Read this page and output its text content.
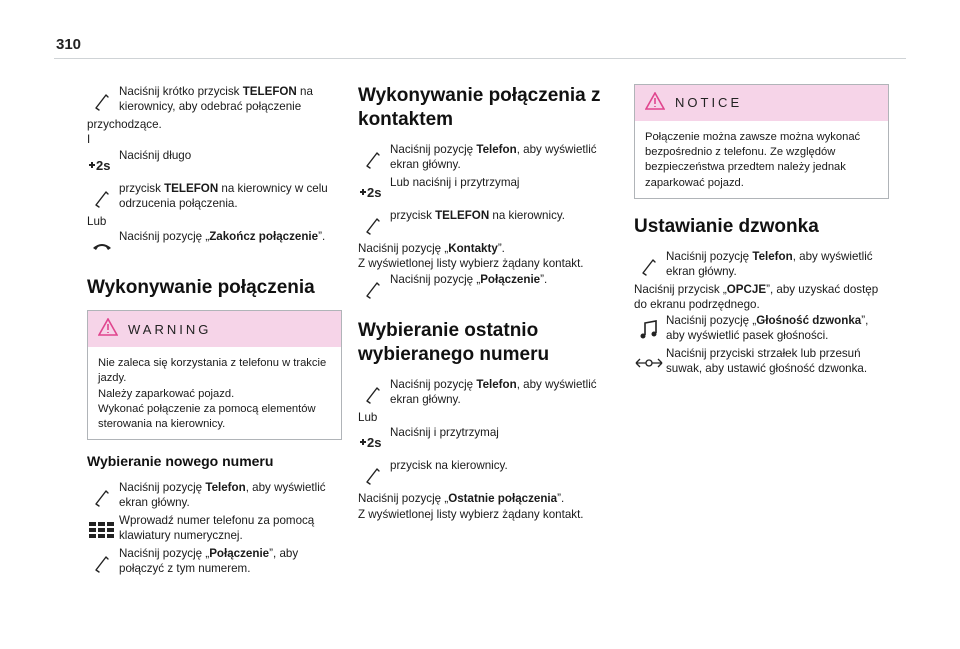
310
Naciśnij krótko przycisk TELEFON na kierownicy, aby odebrać połączenie

przychodzące.

I

2s
Naciśnij długo
przycisk TELEFON na kierownicy w celu odrzucenia połączenia.

Lub

Naciśnij pozycję „Zakończ połączenie”.
Wykonywanie połączenia
WARNING
Nie zaleca się korzystania z telefonu w trakcie jazdy.
Należy zaparkować pojazd.
Wykonać połączenie za pomocą elementów sterowania na kierownicy.
Wybieranie nowego numeru
Naciśnij pozycję Telefon, aby wyświetlić ekran główny.
Wprowadź numer telefonu za pomocą klawiatury numerycznej.
Naciśnij pozycję „Połączenie”, aby połączyć z tym numerem.
Wykonywanie połączenia z kontaktem
Naciśnij pozycję Telefon, aby wyświetlić ekran główny.
2s
Lub naciśnij i przytrzymaj
przycisk TELEFON na kierownicy.

Naciśnij pozycję „Kontakty”.

Z wyświetlonej listy wybierz żądany kontakt.

Naciśnij pozycję „Połączenie”.
Wybieranie ostatnio wybieranego numeru
Naciśnij pozycję Telefon, aby wyświetlić ekran główny.

Lub

2s
Naciśnij i przytrzymaj
przycisk na kierownicy.

Naciśnij pozycję „Ostatnie połączenia”.

Z wyświetlonej listy wybierz żądany kontakt.

NOTICE
Połączenie można zawsze można wykonać bezpośrednio z telefonu. Ze względów bezpieczeństwa przedtem należy jednak zaparkować pojazd.
Ustawianie dzwonka
Naciśnij pozycję Telefon, aby wyświetlić ekran główny.

Naciśnij przycisk „OPCJE”, aby uzyskać dostęp do ekranu podrzędnego.

Naciśnij pozycję „Głośność dzwonka”, aby wyświetlić pasek głośności.
Naciśnij przyciski strzałek lub przesuń suwak, aby ustawić głośność dzwonka.
